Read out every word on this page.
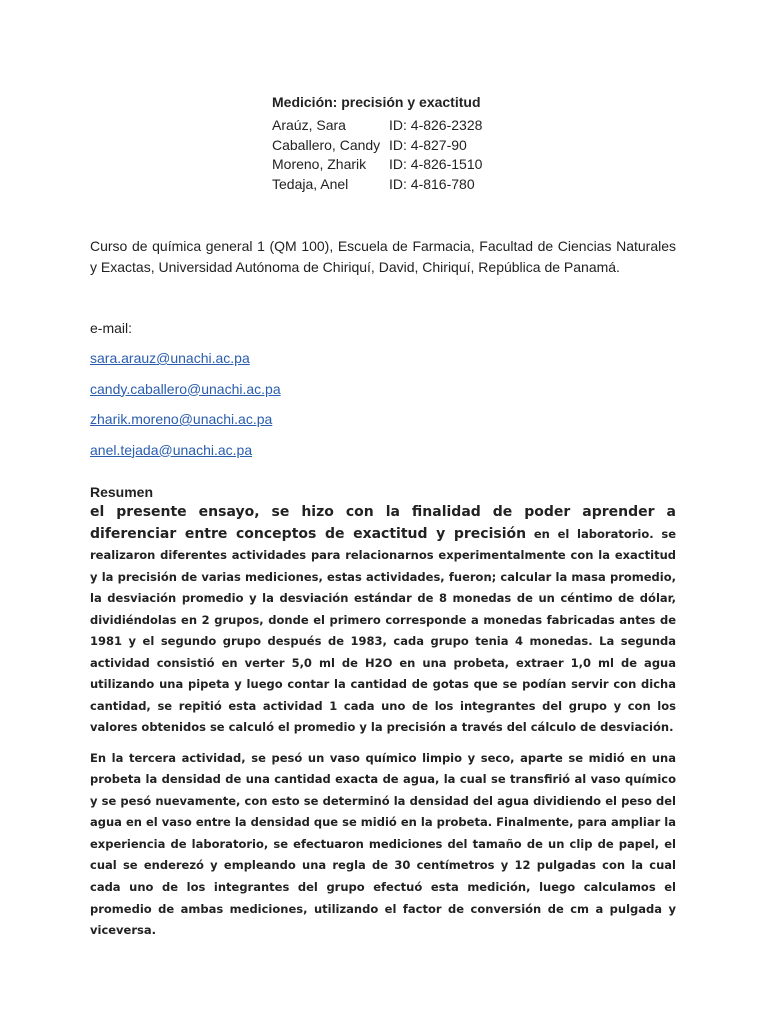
Medición: precisión y exactitud
Araúz, Sara	ID: 4-826-2328
Caballero, Candy ID: 4-827-90
Moreno, Zharik	ID: 4-826-1510
Tedaja, Anel	ID: 4-816-780

Curso de química general 1 (QM 100), Escuela de Farmacia, Facultad de Ciencias Naturales y Exactas, Universidad Autónoma de Chiriquí, David, Chiriquí, República de Panamá.

e-mail:

sara.arauz@unachi.ac.pa
candy.caballero@unachi.ac.pa
zharik.moreno@unachi.ac.pa
anel.tejada@unachi.ac.pa
Resumen

el presente ensayo, se hizo con la finalidad de poder aprender a diferenciar entre conceptos de exactitud y precisión en el laboratorio. se realizaron diferentes actividades para relacionarnos experimentalmente con la exactitud y la precisión de varias mediciones, estas actividades, fueron; calcular la masa promedio, la desviación promedio y la desviación estándar de 8 monedas de un céntimo de dólar, dividiéndolas en 2 grupos, donde el primero corresponde a monedas fabricadas antes de 1981 y el segundo grupo después de 1983, cada grupo tenia 4 monedas. La segunda actividad consistió en verter 5,0 ml de H2O en una probeta, extraer 1,0 ml de agua utilizando una pipeta y luego contar la cantidad de gotas que se podían servir con dicha cantidad, se repitió esta actividad 1 cada uno de los integrantes del grupo y con los valores obtenidos se calculó el promedio y la precisión a través del cálculo de desviación.

En la tercera actividad, se pesó un vaso químico limpio y seco, aparte se midió en una probeta la densidad de una cantidad exacta de agua, la cual se transfirió al vaso químico y se pesó nuevamente, con esto se determinó la densidad del agua dividiendo el peso del agua en el vaso entre la densidad que se midió en la probeta. Finalmente, para ampliar la experiencia de laboratorio, se efectuaron mediciones del tamaño de un clip de papel, el cual se enderezó y empleando una regla de 30 centímetros y 12 pulgadas con la cual cada uno de los integrantes del grupo efectuó esta medición, luego calculamos el promedio de ambas mediciones, utilizando el factor de conversión de cm a pulgada y viceversa.
